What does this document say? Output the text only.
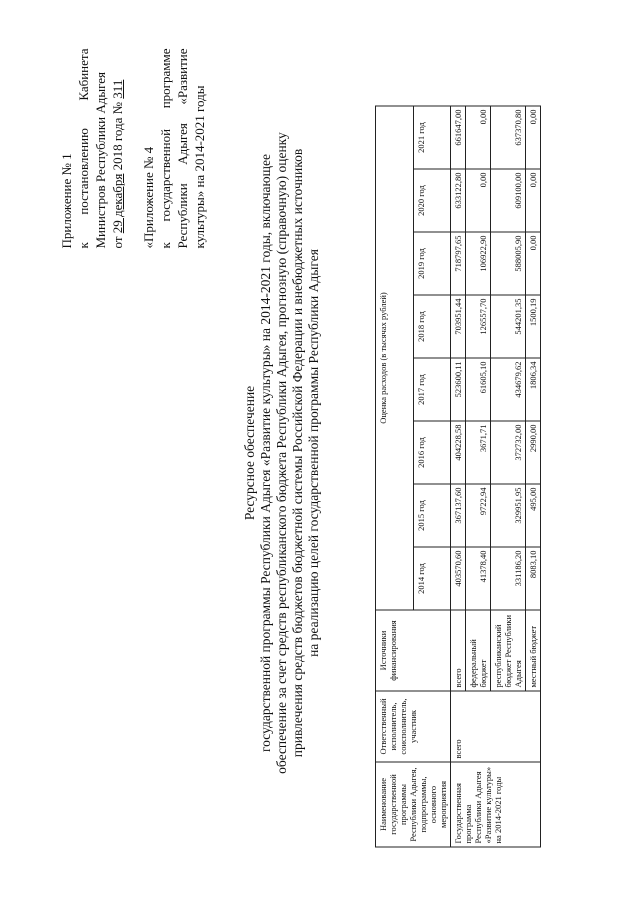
Приложение № 1 к постановлению Кабинета Министров Республики Адыгея от 29 декабря 2018 года № 311

«Приложение № 4 к государственной программе Республики Адыгея «Развитие культуры» на 2014-2021 годы

Ресурсное обеспечение государственной программы Республики Адыгея «Развитие культуры» на 2014-2021 годы, включающее обеспечение за счет средств республиканского бюджета Республики Адыгея, прогнозную (справочную) оценку привлечения средств бюджетов бюджетной системы Российской Федерации и внебюджетных источников на реализацию целей государственной программы Республики Адыгея
Наименование государственной программы Республики Адыгея, подпрограммы, основного мероприятия	Ответственный исполнитель, соисполнитель, участник	Источники финансирования	Оценка расходов (в тысячах рублей)							
			2014 год	2015 год	2016 год	2017 год	2018 год	2019 год	2020 год	2021 год
Государственная программа Республики Адыгея «Развитие культуры» на 2014-2021 годы	всего	всего	403570,60	367137,60	404228,58	523600,11	703951,44	718797,65	633122,80	661647,00
		федеральный бюджет	41378,40	9722,94	3671,71	61605,10	126557,70	106922,90	0,00	0,00
		республиканский бюджет Республики Адыгея	331186,20	329951,95	372732,00	434679,62	544201,35	588005,90	609100,00	637370,80
		местный бюджет	8083,10	495,00	2990,00	1806,34	1500,19	0,00	0,00	0,00
